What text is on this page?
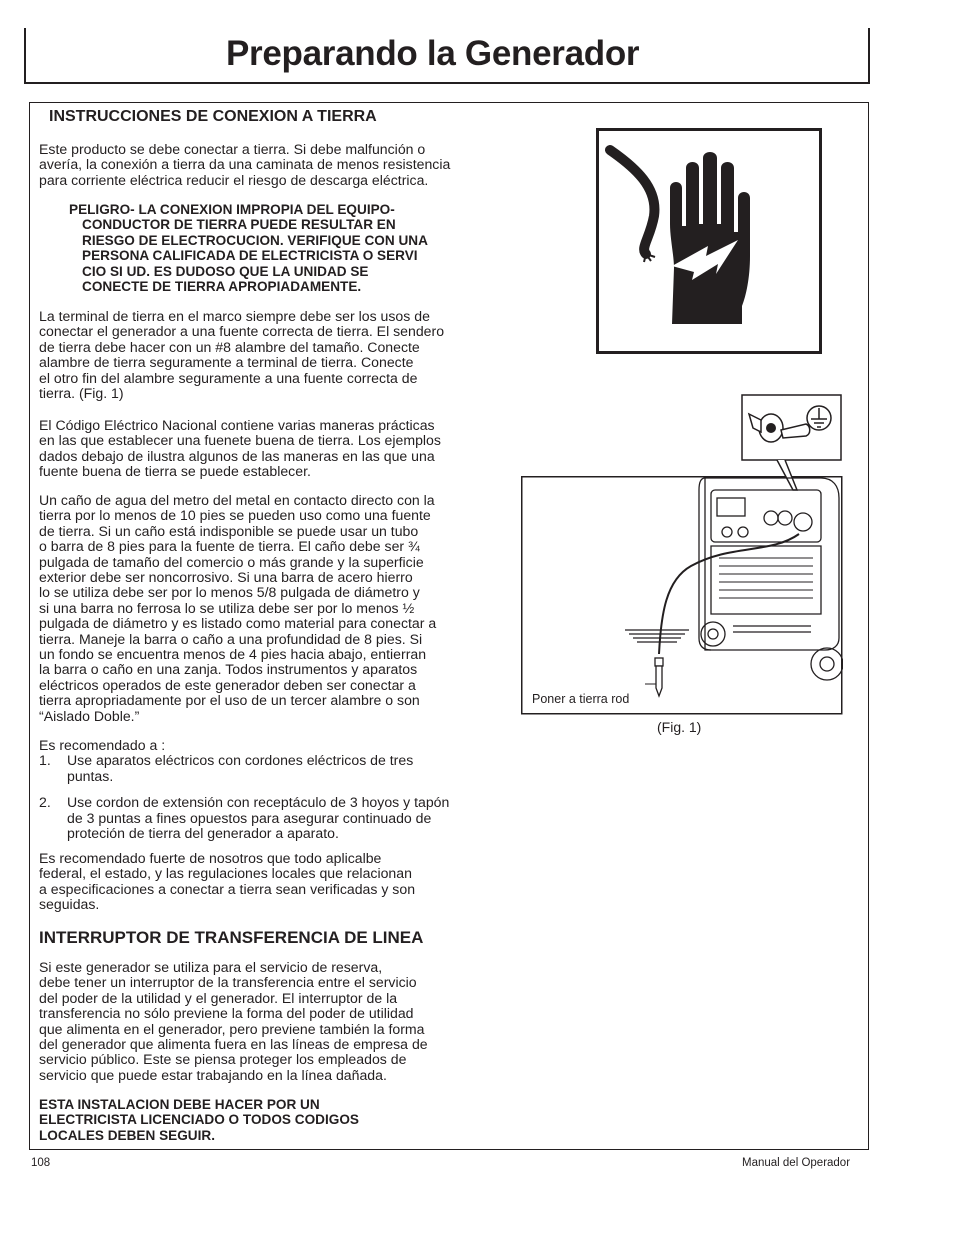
Preparando la Generador

INSTRUCCIONES DE CONEXION A TIERRA

Este producto se debe conectar a tierra. Si debe malfunción o

avería, la conexión a tierra da una caminata de menos resistencia

para corriente eléctrica reducir el riesgo de descarga eléctrica.

PELIGRO- LA CONEXION IMPROPIA DEL EQUIPO-
CONDUCTOR DE TIERRA PUEDE RESULTAR EN
RIESGO DE ELECTROCUCION. VERIFIQUE CON UNA
PERSONA CALIFICADA DE ELECTRICISTA O SERVI
CIO SI UD. ES DUDOSO QUE LA UNIDAD SE
CONECTE DE TIERRA APROPIADAMENTE.

La terminal de tierra en el marco siempre debe ser los usos de

conectar el generador a una fuente correcta de tierra. El sendero

de tierra debe hacer con un #8 alambre del tamaño. Conecte

alambre de tierra seguramente a terminal de tierra. Conecte

el otro fin del alambre seguramente a una fuente correcta de

tierra. (Fig. 1)

El Código Eléctrico Nacional contiene varias maneras prácticas

en las que establecer una fuenete buena de tierra. Los ejemplos

dados debajo de ilustra algunos de las maneras en las que una

fuente buena de tierra se puede establecer.

Un caño de agua del metro del metal en contacto directo con la

tierra por lo menos de 10 pies se pueden uso como una fuente

de tierra. Si un caño está indisponible se puede usar un tubo

o barra de 8 pies para la fuente de tierra. El caño debe ser ¾

pulgada de tamaño del comercio o más grande y la superficie

exterior debe ser noncorrosivo. Si una barra de acero hierro

lo se utiliza debe ser por lo menos 5/8 pulgada de diámetro y

si una barra no ferrosa lo se utiliza debe ser por lo menos ½

pulgada de diámetro y es listado como material para conectar a

tierra. Maneje la barra o caño a una profundidad de 8 pies. Si

un fondo se encuentra menos de 4 pies hacia abajo, entierran

la barra o caño en una zanja. Todos instrumentos y aparatos

eléctricos operados de este generador deben ser conectar a

tierra apropriadamente por el uso de un tercer alambre o son

“Aislado Doble.”

Es recomendado a :

1.	Use aparatos eléctricos con cordones eléctricos de tres

puntas.

2.	Use cordon de extensión con receptáculo de 3 hoyos y tapón

de 3 puntas a fines opuestos para asegurar continuado de

proteción de tierra del generador a aparato.

Es recomendado fuerte de nosotros que todo aplicalbe

federal, el estado, y las regulaciones locales que relacionan

a especificaciones a conectar a tierra sean verificadas y son

seguidas.

INTERRUPTOR DE TRANSFERENCIA DE LINEA

Si este generador se utiliza para el servicio de reserva,

debe tener un interruptor de la transferencia entre el servicio

del poder de la utilidad y el generador. El interruptor de la

transferencia no sólo previene la forma del poder de utilidad

que alimenta en el generador, pero previene también la forma

del generador que alimenta fuera en las líneas de empresa de

servicio público. Este se piensa proteger los empleados de

servicio que puede estar trabajando en la línea dañada.

ESTA INSTALACION DEBE HACER POR UN

ELECTRICISTA LICENCIADO O TODOS CODIGOS

LOCALES DEBEN SEGUIR.

Poner a tierra rod
(Fig. 1)
108	Manual del Operador
